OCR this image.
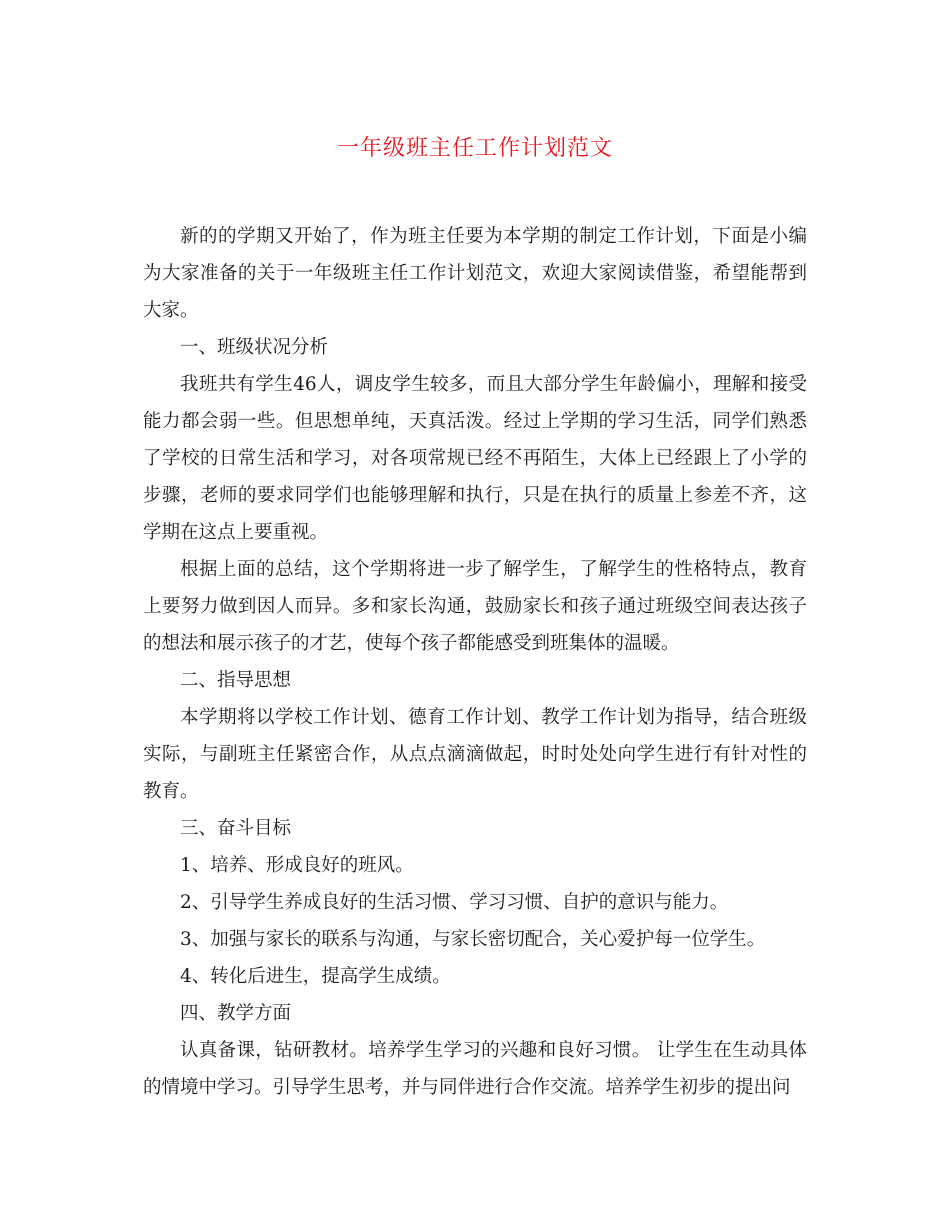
一年级班主任工作计划范文

新的的学期又开始了，作为班主任要为本学期的制定工作计划，下面是小编为大家准备的关于一年级班主任工作计划范文，欢迎大家阅读借鉴，希望能帮到大家。

一、班级状况分析

我班共有学生46人，调皮学生较多，而且大部分学生年龄偏小，理解和接受能力都会弱一些。但思想单纯，天真活泼。经过上学期的学习生活，同学们熟悉了学校的日常生活和学习，对各项常规已经不再陌生，大体上已经跟上了小学的步骤，老师的要求同学们也能够理解和执行，只是在执行的质量上参差不齐，这学期在这点上要重视。

根据上面的总结，这个学期将进一步了解学生，了解学生的性格特点，教育上要努力做到因人而异。多和家长沟通，鼓励家长和孩子通过班级空间表达孩子的想法和展示孩子的才艺，使每个孩子都能感受到班集体的温暖。

二、指导思想

本学期将以学校工作计划、德育工作计划、教学工作计划为指导，结合班级实际，与副班主任紧密合作，从点点滴滴做起，时时处处向学生进行有针对性的教育。

三、奋斗目标

1、培养、形成良好的班风。

2、引导学生养成良好的生活习惯、学习习惯、自护的意识与能力。

3、加强与家长的联系与沟通，与家长密切配合，关心爱护每一位学生。

4、转化后进生，提高学生成绩。

四、教学方面

认真备课，钻研教材。培养学生学习的兴趣和良好习惯。 让学生在生动具体的情境中学习。引导学生思考，并与同伴进行合作交流。培养学生初步的提出问
